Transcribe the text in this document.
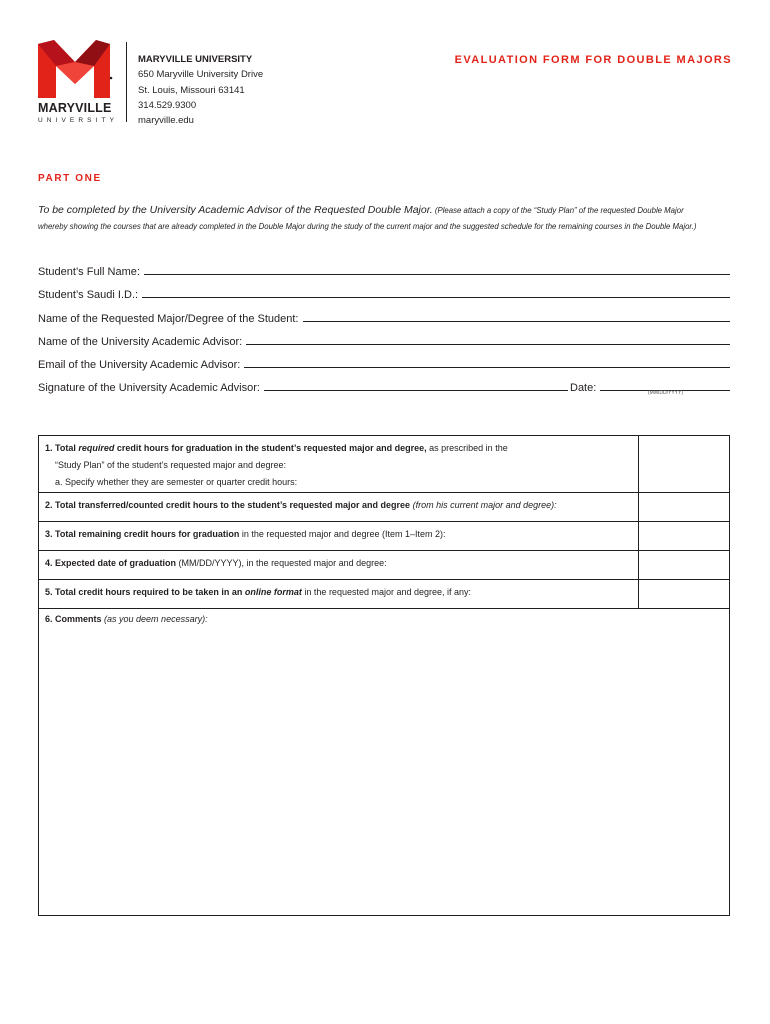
MARYVILLE
UNIVERSITY
MARYVILLE UNIVERSITY
650 Maryville University Drive
St. Louis, Missouri 63141
314.529.9300
maryville.edu
EVALUATION FORM FOR DOUBLE MAJORS
PART ONE
To be completed by the University Academic Advisor of the Requested Double Major. (Please attach a copy of the “Study Plan” of the requested Double Major whereby showing the courses that are already completed in the Double Major during the study of the current major and the suggested schedule for the remaining courses in the Double Major.)
Student’s Full Name:
Student’s Saudi I.D.:
Name of the Requested Major/Degree of the Student:
Name of the University Academic Advisor:
Email of the University Academic Advisor:
Signature of the University Academic Advisor:	Date:	(MM/DD/YYYY)
1. Total required credit hours for graduation in the student’s requested major and degree, as prescribed in the
“Study Plan” of the student’s requested major and degree:
a. Specify whether they are semester or quarter credit hours:
2. Total transferred/counted credit hours to the student’s requested major and degree (from his current major and degree):
3. Total remaining credit hours for graduation in the requested major and degree (Item 1–Item 2):
4. Expected date of graduation (MM/DD/YYYY), in the requested major and degree:
5. Total credit hours required to be taken in an online format in the requested major and degree, if any:
6. Comments (as you deem necessary):
